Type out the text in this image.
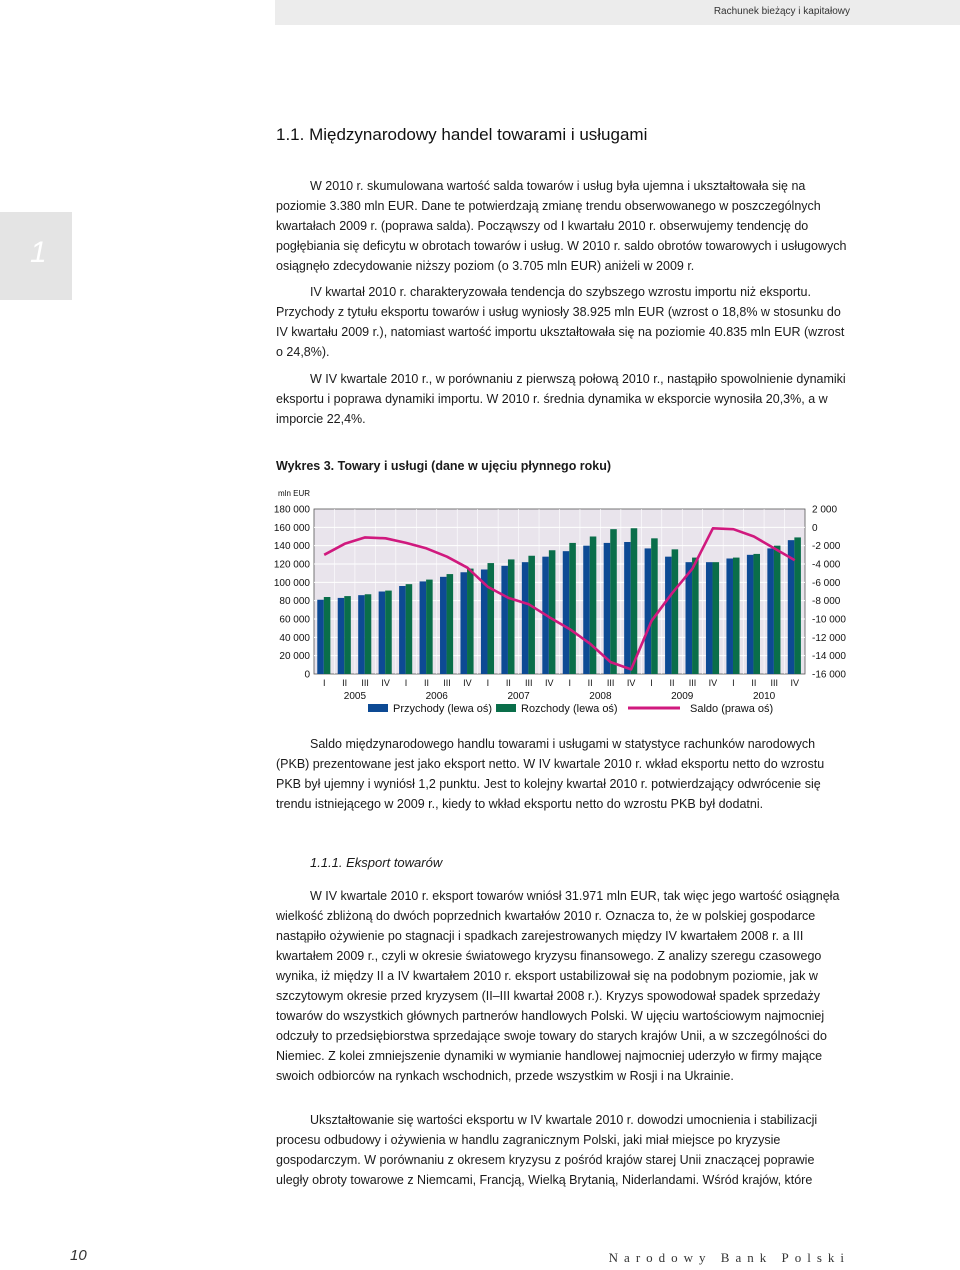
Rachunek bieżący i kapitałowy
1
1.1. Międzynarodowy handel towarami i usługami

W 2010 r. skumulowana wartość salda towarów i usług była ujemna i ukształtowała się na poziomie 3.380 mln EUR. Dane te potwierdzają zmianę trendu obserwowanego w poszczególnych kwartałach 2009 r. (poprawa salda). Począwszy od I kwartału 2010 r. obserwujemy tendencję do pogłębiania się deficytu w obrotach towarów i usług. W 2010 r. saldo obrotów towarowych i usługowych osiągnęło zdecydowanie niższy poziom (o 3.705 mln EUR) aniżeli w 2009 r.

IV kwartał 2010 r. charakteryzowała tendencja do szybszego wzrostu importu niż eksportu. Przychody z tytułu eksportu towarów i usług wyniosły 38.925 mln EUR (wzrost o 18,8% w stosunku do IV kwartału 2009 r.), natomiast wartość importu ukształtowała się na poziomie 40.835 mln EUR (wzrost o 24,8%).

W IV kwartale 2010 r., w porównaniu z pierwszą połową 2010 r., nastąpiło spowolnienie dynamiki eksportu i poprawa dynamiki importu. W 2010 r. średnia dynamika w eksporcie wynosiła 20,3%, a w imporcie 22,4%.

Wykres 3. Towary i usługi (dane w ujęciu płynnego roku)
mln EUR
0
20 000
40 000
60 000
80 000
100 000
120 000
140 000
160 000
180 000
-16 000
-14 000
-12 000
-10 000
-8 000
-6 000
-4 000
-2 000
0
2 000
I II III IV I II III IV I II III IV I II III IV I II III IV I II III IV
2005	2006	2007	2008	2009	2010
Przychody (lewa oś)	Rozchody (lewa oś)	Saldo (prawa oś)

Saldo międzynarodowego handlu towarami i usługami w statystyce rachunków narodowych (PKB) prezentowane jest jako eksport netto. W IV kwartale 2010 r. wkład eksportu netto do wzrostu PKB był ujemny i wyniósł 1,2 punktu. Jest to kolejny kwartał 2010 r. potwierdzający odwrócenie się trendu istniejącego w 2009 r., kiedy to wkład eksportu netto do wzrostu PKB był dodatni.

1.1.1. Eksport towarów

W IV kwartale 2010 r. eksport towarów wniósł 31.971 mln EUR, tak więc jego wartość osiągnęła wielkość zbliżoną do dwóch poprzednich kwartałów 2010 r. Oznacza to, że w polskiej gospodarce nastąpiło ożywienie po stagnacji i spadkach zarejestrowanych między IV kwartałem 2008 r. a III kwartałem 2009 r., czyli w okresie światowego kryzysu finansowego. Z analizy szeregu czasowego wynika, iż między II a IV kwartałem 2010 r. eksport ustabilizował się na podobnym poziomie, jak w szczytowym okresie przed kryzysem (II–III kwartał 2008 r.). Kryzys spowodował spadek sprzedaży towarów do wszystkich głównych partnerów handlowych Polski. W ujęciu wartościowym najmocniej odczuły to przedsiębiorstwa sprzedające swoje towary do starych krajów Unii, a w szczególności do Niemiec. Z kolei zmniejszenie dynamiki w wymianie handlowej najmocniej uderzyło w firmy mające swoich odbiorców na rynkach wschodnich, przede wszystkim w Rosji i na Ukrainie.

Ukształtowanie się wartości eksportu w IV kwartale 2010 r. dowodzi umocnienia i stabilizacji procesu odbudowy i ożywienia w handlu zagranicznym Polski, jaki miał miejsce po kryzysie gospodarczym. W porównaniu z okresem kryzysu z pośród krajów starej Unii znaczącej poprawie uległy obroty towarowe z Niemcami, Francją, Wielką Brytanią, Niderlandami. Wśród krajów, które

10	Narodowy Bank Polski
